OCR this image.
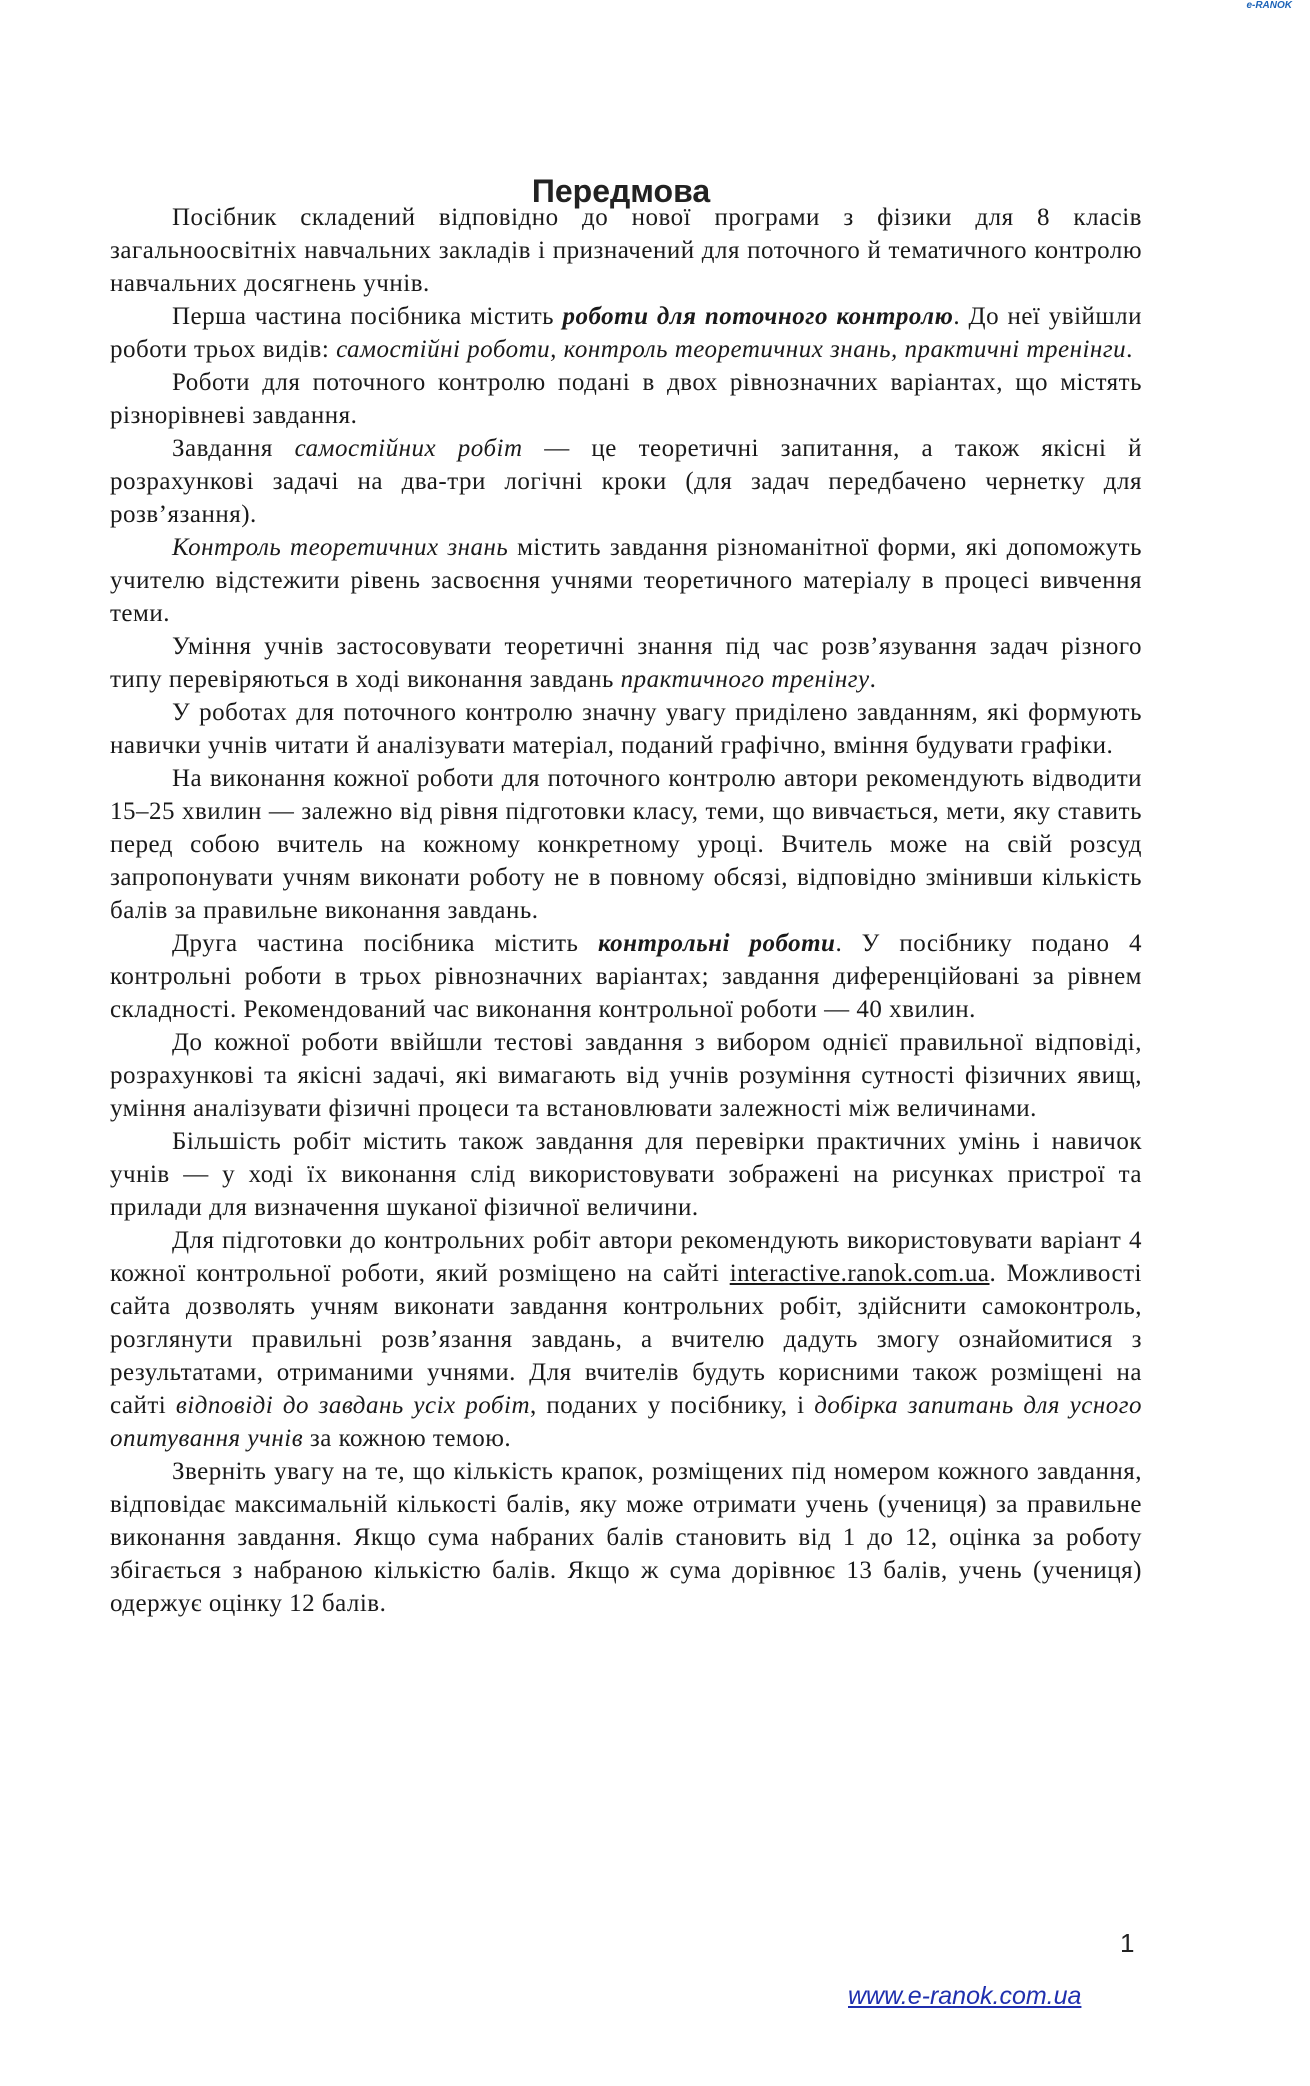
e-RANOK
Передмова

Посібник складений відповідно до нової програми з фізики для 8 класів загальноосвітніх навчальних закладів і призначений для поточного й тематичного контролю навчальних досягнень учнів.

Перша частина посібника містить роботи для поточного контролю. До неї увійшли роботи трьох видів: самостійні роботи, контроль теоретичних знань, практичні тренінги.

Роботи для поточного контролю подані в двох рівнозначних варіантах, що містять різнорівневі завдання.

Завдання самостійних робіт — це теоретичні запитання, а також якісні й розрахункові задачі на два-три логічні кроки (для задач передбачено чернетку для розв’язання).

Контроль теоретичних знань містить завдання різноманітної форми, які допоможуть учителю відстежити рівень засвоєння учнями теоретичного матеріалу в процесі вивчення теми.

Уміння учнів застосовувати теоретичні знання під час розв’язування задач різного типу перевіряються в ході виконання завдань практичного тренінгу.

У роботах для поточного контролю значну увагу приділено завданням, які формують навички учнів читати й аналізувати матеріал, поданий графічно, вміння будувати графіки.

На виконання кожної роботи для поточного контролю автори рекомендують відводити 15–25 хвилин — залежно від рівня підготовки класу, теми, що вивчається, мети, яку ставить перед собою вчитель на кожному конкретному уроці. Вчитель може на свій розсуд запропонувати учням виконати роботу не в повному обсязі, відповідно змінивши кількість балів за правильне виконання завдань.

Друга частина посібника містить контрольні роботи. У посібнику подано 4 контрольні роботи в трьох рівнозначних варіантах; завдання диференційовані за рівнем складності. Рекомендований час виконання контрольної роботи — 40 хвилин.

До кожної роботи ввійшли тестові завдання з вибором однієї правильної відповіді, розрахункові та якісні задачі, які вимагають від учнів розуміння сутності фізичних явищ, уміння аналізувати фізичні процеси та встановлювати залежності між величинами.

Більшість робіт містить також завдання для перевірки практичних умінь і навичок учнів — у ході їх виконання слід використовувати зображені на рисунках пристрої та прилади для визначення шуканої фізичної величини.

Для підготовки до контрольних робіт автори рекомендують використовувати варіант 4 кожної контрольної роботи, який розміщено на сайті interactive.ranok.com.ua. Можливості сайта дозволять учням виконати завдання контрольних робіт, здійснити самоконтроль, розглянути правильні розв’язання завдань, а вчителю дадуть змогу ознайомитися з результатами, отриманими учнями. Для вчителів будуть корисними також розміщені на сайті відповіді до завдань усіх робіт, поданих у посібнику, і добірка запитань для усного опитування учнів за кожною темою.

Зверніть увагу на те, що кількість крапок, розміщених під номером кожного завдання, відповідає максимальній кількості балів, яку може отримати учень (учениця) за правильне виконання завдання. Якщо сума набраних балів становить від 1 до 12, оцінка за роботу збігається з набраною кількістю балів. Якщо ж сума дорівнює 13 балів, учень (учениця) одержує оцінку 12 балів.

1
www.e-ranok.com.ua
